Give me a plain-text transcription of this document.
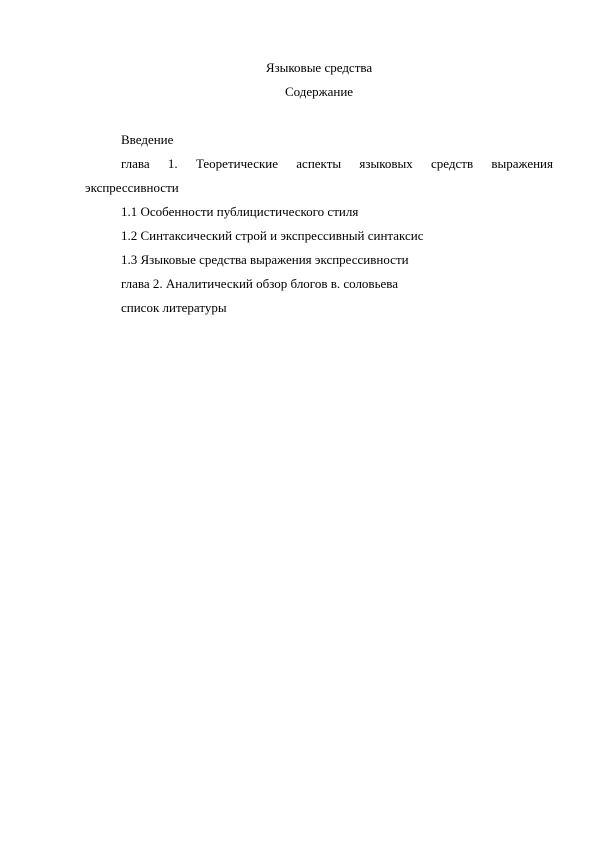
Языковые средства

Содержание

Введение

глава 1. Теоретические аспекты языковых средств выражения экспрессивности

1.1 Особенности публицистического стиля

1.2 Синтаксический строй и экспрессивный синтаксис

1.3 Языковые средства выражения экспрессивности

глава 2. Аналитический обзор блогов в. соловьева

список литературы
